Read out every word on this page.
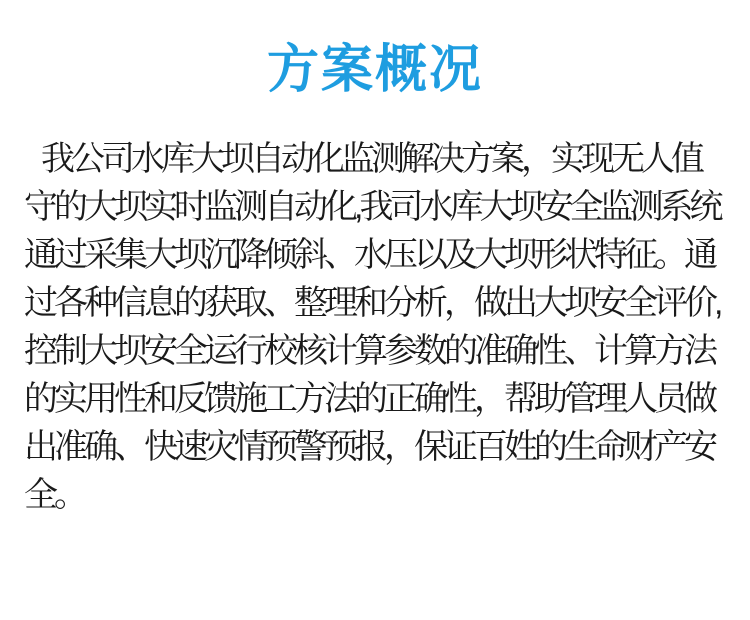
方案概况
我公司水库大坝自动化监测解决方案，实现无人值
守的大坝实时监测自动化,我司水库大坝安全监测系统
通过采集大坝沉降倾斜、水压以及大坝形状特征。通
过各种信息的获取、整理和分析，做出大坝安全评价,
控制大坝安全运行校核计算参数的准确性、计算方法
的实用性和反馈施工方法的正确性，帮助管理人员做
出准确、快速灾情预警预报，保证百姓的生命财产安
全。
